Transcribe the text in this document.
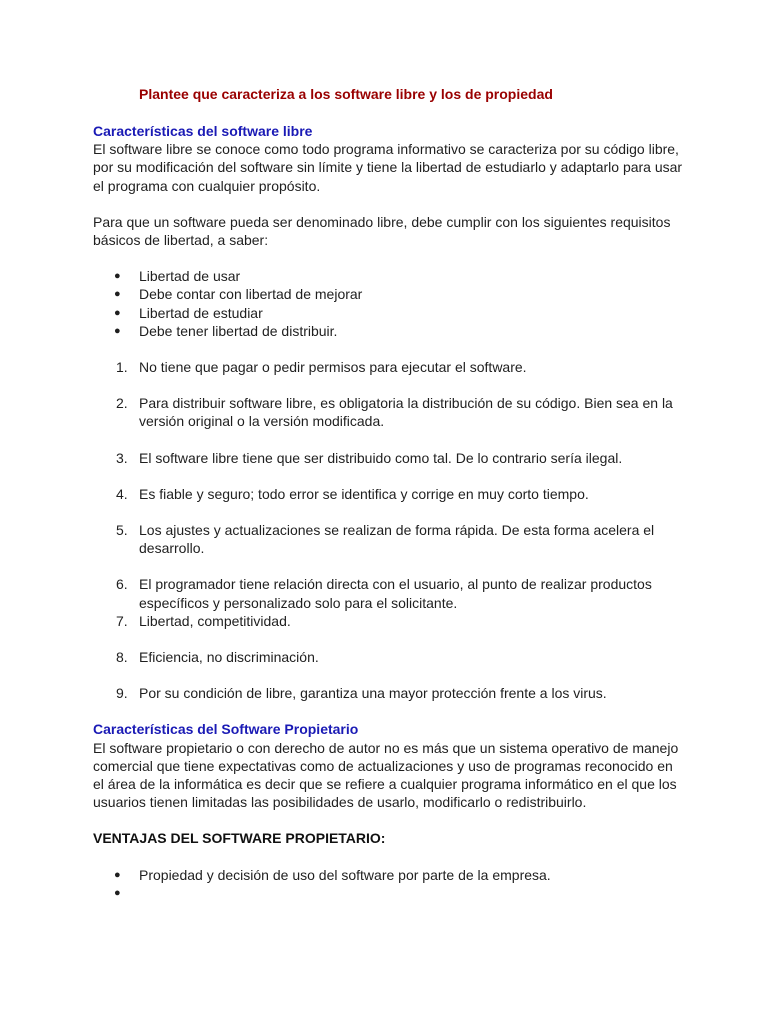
Plantee que caracteriza a los software libre y los de propiedad

Características del software libre

El software libre se conoce como todo programa informativo se caracteriza por su código libre, por su modificación del software sin límite y tiene la libertad de estudiarlo y adaptarlo para usar el programa con cualquier propósito.

Para que un software pueda ser denominado libre, debe cumplir con los siguientes requisitos básicos de libertad, a saber:

● Libertad de usar
● Debe contar con libertad de mejorar
● Libertad de estudiar
● Debe tener libertad de distribuir.
1. No tiene que pagar o pedir permisos para ejecutar el software.
2. Para distribuir software libre, es obligatoria la distribución de su código. Bien sea en la versión original o la versión modificada.
3. El software libre tiene que ser distribuido como tal. De lo contrario sería ilegal.
4. Es fiable y seguro; todo error se identifica y corrige en muy corto tiempo.
5. Los ajustes y actualizaciones se realizan de forma rápida. De esta forma acelera el desarrollo.
6. El programador tiene relación directa con el usuario, al punto de realizar productos específicos y personalizado solo para el solicitante.
7. Libertad, competitividad.
8. Eficiencia, no discriminación.
9. Por su condición de libre, garantiza una mayor protección frente a los virus.

Características del Software Propietario

El software propietario o con derecho de autor no es más que un sistema operativo de manejo comercial que tiene expectativas como de actualizaciones y uso de programas reconocido en el área de la informática es decir que se refiere a cualquier programa informático en el que los usuarios tienen limitadas las posibilidades de usarlo, modificarlo o redistribuirlo.

VENTAJAS DEL SOFTWARE PROPIETARIO:

● Propiedad y decisión de uso del software por parte de la empresa.
●
